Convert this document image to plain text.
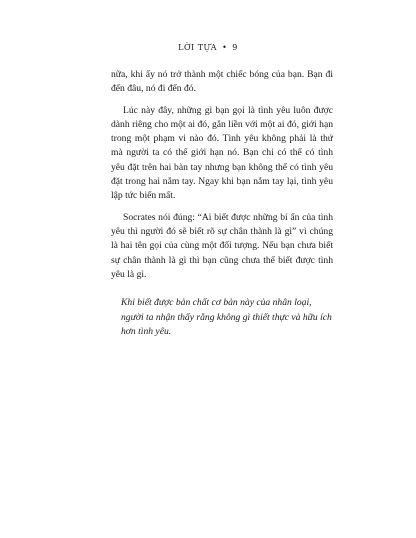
LỜI TỰA • 9

nữa, khi ấy nó trở thành một chiếc bóng của bạn. Bạn đi đến đâu, nó đi đến đó.

Lúc này đây, những gì bạn gọi là tình yêu luôn được dành riêng cho một ai đó, gắn liền với một ai đó, giới hạn trong một phạm vi nào đó. Tình yêu không phải là thứ mà người ta có thể giới hạn nó. Bạn chỉ có thể có tình yêu đặt trên hai bàn tay nhưng bạn không thể có tình yêu đặt trong hai nắm tay. Ngay khi bạn nắm tay lại, tình yêu lập tức biến mất.

Socrates nói đúng: “Ai biết được những bí ẩn của tình yêu thì người đó sẽ biết rõ sự chân thành là gì” vì chúng là hai tên gọi của cùng một đối tượng. Nếu bạn chưa biết sự chân thành là gì thì bạn cũng chưa thể biết được tình yêu là gì.

Khi biết được bản chất cơ bản này của nhân loại, người ta nhận thấy rằng không gì thiết thực và hữu ích hơn tình yêu.
